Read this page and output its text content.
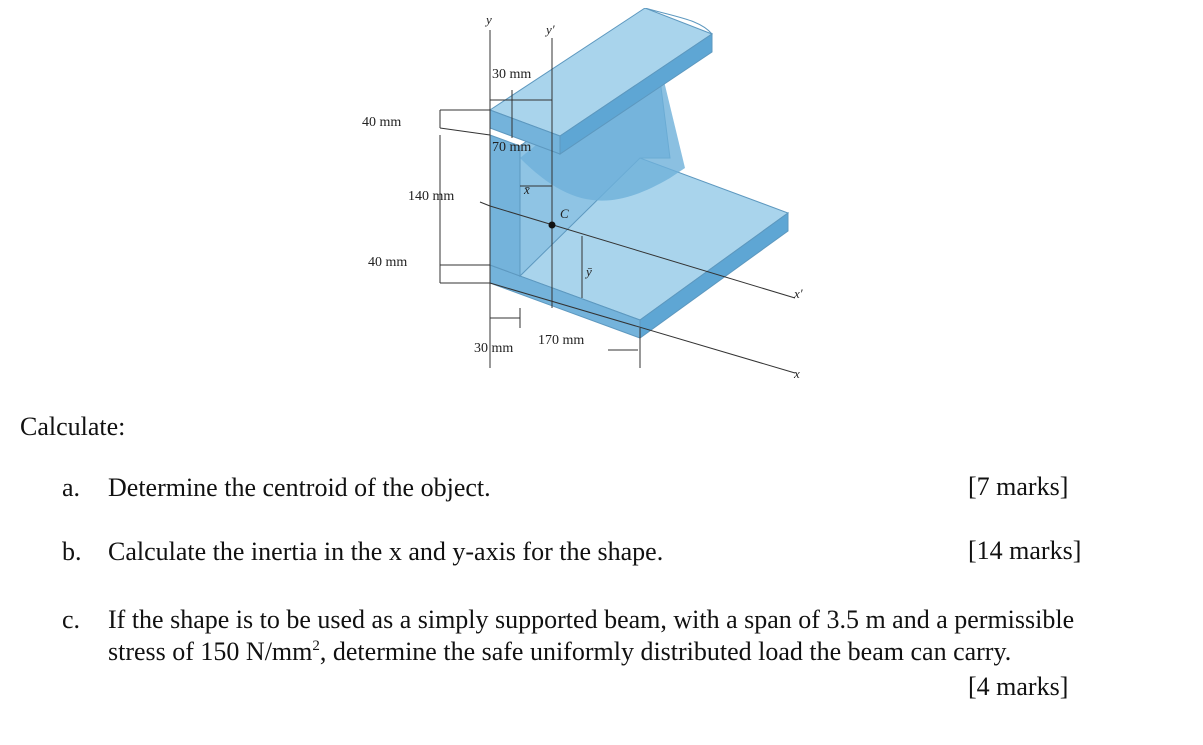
40 mm
140 mm
40 mm
30 mm
70 mm
30 mm
170 mm
y
y′
x′
x
C
x̄
ȳ
Calculate:
a.	Determine the centroid of the object.	[7 marks]
b.	Calculate the inertia in the x and y-axis for the shape.	[14 marks]
c.	If the shape is to be used as a simply supported beam, with a span of 3.5 m and a permissible stress of 150 $N/mm^2$, determine the safe uniformly distributed load the beam can carry.
[4 marks]
